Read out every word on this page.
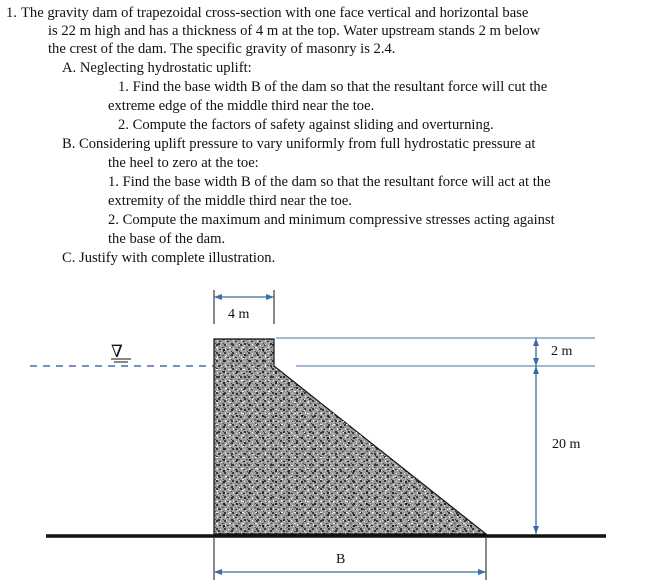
1. The gravity dam of trapezoidal cross-section with one face vertical and horizontal base
is 22 m high and has a thickness of 4 m at the top. Water upstream stands 2 m below
the crest of the dam. The specific gravity of masonry is 2.4.
A. Neglecting hydrostatic uplift:
1. Find the base width B of the dam so that the resultant force will cut the
extreme edge of the middle third near the toe.
2. Compute the factors of safety against sliding and overturning.
B. Considering uplift pressure to vary uniformly from full hydrostatic pressure at
the heel to zero at the toe:
1. Find the base width B of the dam so that the resultant force will act at the
extremity of the middle third near the toe.
2. Compute the maximum and minimum compressive stresses acting against
the base of the dam.
C. Justify with complete illustration.
4 m
∇	2 m
20 m
B
